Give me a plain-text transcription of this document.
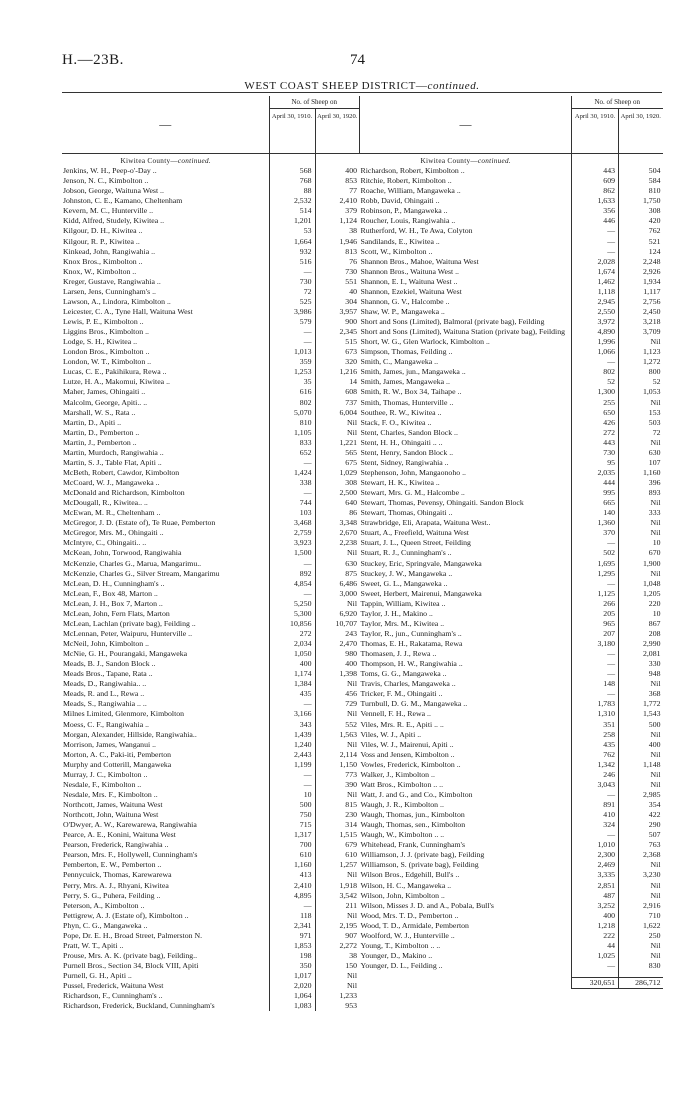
H.—23B.	74
WEST COAST SHEEP DISTRICT—continued.
—	No. of Sheep on	
	April 30, 1910.	April 30, 1920.
Kiwitea County—continued.		
Jenkins, W. H., Peep-o'-Day ..	568	400
Jenson, N. C., Kimbolton ..	768	853
Jobson, George, Waituna West ..	88	77
Johnston, C. E., Kamano, Cheltenham	2,532	2,410
Kevern, M. C., Hunterville ..	514	379
Kidd, Alfred, Studely, Kiwitea ..	1,201	1,124
Kilgour, D. H., Kiwitea ..	53	38
Kilgour, R. P., Kiwitea ..	1,664	1,946
Kinkead, John, Rangiwahia ..	932	813
Knox Bros., Kimbolton ..	516	76
Knox, W., Kimbolton ..	—	730
Kreger, Gustave, Rangiwahia ..	730	551
Larsen, Jens, Cunningham's ..	72	40
Lawson, A., Lindora, Kimbolton ..	525	304
Leicester, C. A., Tyne Hall, Waituna West	3,986	3,957
Lewis, P. E., Kimbolton ..	579	900
Liggins Bros., Kimbolton ..	—	2,345
Lodge, S. H., Kiwitea ..	—	515
London Bros., Kimbolton ..	1,013	673
London, W. T., Kimbolton ..	359	320
Lucas, C. E., Pakihikura, Rewa ..	1,253	1,216
Lutze, H. A., Makomui, Kiwitea ..	35	14
Maher, James, Ohingaiti ..	616	608
Malcolm, George, Apiti.. ..	802	737
Marshall, W. S., Rata ..	5,070	6,004
Martin, D., Apiti ..	810	Nil
Martin, D., Pemberton ..	1,105	Nil
Martin, J., Pemberton ..	833	1,221
Martin, Murdoch, Rangiwahia ..	652	565
Martin, S. J., Table Flat, Apiti ..	—	675
McBeth, Robert, Cawdor, Kimbolton	1,424	1,029
McCoard, W. J., Mangaweka ..	338	308
McDonald and Richardson, Kimbolton	—	2,500
McDougall, R., Kiwitea.. ..	744	640
McEwan, M. R., Cheltenham ..	103	86
McGregor, J. D. (Estate of), Te Ruae, Pemberton	3,468	3,348
McGregor, Mrs. M., Ohingaiti ..	2,759	2,670
McIntyre, C., Ohingaiti.. ..	3,923	2,238
McKean, John, Torwood, Rangiwahia	1,500	Nil
McKenzie, Charles G., Marua, Mangarimu..	—	630
McKenzie, Charles G., Silver Stream, Mangarimu	892	875
McLean, D. H., Cunningham's ..	4,854	6,486
McLean, F., Box 48, Marton ..	—	3,000
McLean, J. H., Box 7, Marton ..	5,250	Nil
McLean, John, Fern Flats, Marton	5,300	6,920
McLean, Lachlan (private bag), Feilding ..	10,856	10,707
McLennan, Peter, Waipuru, Hunterville ..	272	243
McNeil, John, Kimbolton ..	2,034	2,470
McNie, G. H., Pourangaki, Mangaweka	1,050	980
Meads, B. J., Sandon Block ..	400	400
Meads Bros., Tapane, Rata ..	1,174	1,398
Meads, D., Rangiwahia.. ..	1,384	Nil
Meads, R. and L., Rewa ..	435	456
Meads, S., Rangiwahia .. ..	—	729
Milnes Limited, Glenmore, Kimbolton	3,166	Nil
Moess, C. F., Rangiwahia ..	343	552
Morgan, Alexander, Hillside, Rangiwahia..	1,439	1,563
Morrison, James, Wanganui ..	1,240	Nil
Morton, A. C., Paki-iti, Pemberton	2,443	2,114
Murphy and Cotterill, Mangaweka	1,199	1,150
Murray, J. C., Kimbolton ..	—	773
Nesdale, F., Kimbolton ..	—	390
Nesdale, Mrs. F., Kimbolton ..	10	Nil
Northcott, James, Waituna West	500	815
Northcott, John, Waituna West	750	230
O'Dwyer, A. W., Karewarewa, Rangiwahia	715	314
Pearce, A. E., Konini, Waituna West	1,317	1,515
Pearson, Frederick, Rangiwahia ..	700	679
Pearson, Mrs. F., Hollywell, Cunningham's	610	610
Pemberton, E. W., Pemberton ..	1,160	1,257
Pennycuick, Thomas, Karewarewa	413	Nil
Perry, Mrs. A. J., Rhyani, Kiwitea	2,410	1,918
Perry, S. G., Puhera, Feilding ..	4,895	3,542
Peterson, A., Kimbolton ..	—	211
Pettigrew, A. J. (Estate of), Kimbolton ..	118	Nil
Phyn, C. G., Mangaweka ..	2,341	2,195
Pope, Dr. E. H., Broad Street, Palmerston N.	971	907
Pratt, W. T., Apiti ..	1,853	2,272
Prouse, Mrs. A. K. (private bag), Feilding..	198	38
Purnell Bros., Section 34, Block VIII, Apiti	350	150
Purnell, G. H., Apiti ..	1,017	Nil
Pussel, Frederick, Waituna West	2,020	Nil
Richardson, F., Cunningham's ..	1,064	1,233
Richardson, Frederick, Buckland, Cunningham's	1,083	953
—	No. of Sheep on	
	April 30, 1910.	April 30, 1920.
Kiwitea County—continued.		
Richardson, Robert, Kimbolton ..	443	504
Ritchie, Robert, Kimbolton ..	609	584
Roache, William, Mangaweka ..	862	810
Robb, David, Ohingaiti ..	1,633	1,750
Robinson, P., Mangaweka ..	356	308
Roucher, Louis, Rangiwahia ..	446	420
Rutherford, W. H., Te Awa, Colyton	—	762
Sandilands, E., Kiwitea ..	—	521
Scott, W., Kimbolton ..	—	124
Shannon Bros., Mahoe, Waituna West	2,028	2,248
Shannon Bros., Waituna West ..	1,674	2,926
Shannon, E. I., Waituna West ..	1,462	1,934
Shannon, Ezekiel, Waituna West	1,118	1,117
Shannon, G. V., Halcombe ..	2,945	2,756
Shaw, W. P., Mangaweka ..	2,550	2,450
Short and Sons (Limited), Balmoral (private bag), Feilding	3,972	3,218
Short and Sons (Limited), Waituna Station (private bag), Feilding	4,890	3,709
Short, W. G., Glen Warlock, Kimbolton ..	1,996	Nil
Simpson, Thomas, Feilding ..	1,066	1,123
Smith, C., Mangaweka ..	—	1,272
Smith, James, jun., Mangaweka ..	802	800
Smith, James, Mangaweka ..	52	52
Smith, R. W., Box 34, Taihape ..	1,300	1,053
Smith, Thomas, Hunterville ..	255	Nil
Southee, R. W., Kiwitea ..	650	153
Stack, F. O., Kiwitea ..	426	503
Stent, Charles, Sandon Block ..	272	72
Stent, H. H., Ohingaiti .. ..	443	Nil
Stent, Henry, Sandon Block ..	730	630
Stent, Sidney, Rangiwahia ..	95	107
Stephenson, John, Mangaonoho ..	2,035	1,160
Stewart, H. K., Kiwitea ..	444	396
Stewart, Mrs. G. M., Halcombe ..	995	893
Stewart, Thomas, Pevensy, Ohingaiti. Sandon Block	665	Nil
Stewart, Thomas, Ohingaiti ..	140	333
Strawbridge, Eli, Arapata, Waituna West..	1,360	Nil
Stuart, A., Freefield, Waituna West	370	Nil
Stuart, J. L., Queen Street, Feilding	—	10
Stuart, R. J., Cunningham's ..	502	670
Stuckey, Eric, Springvale, Mangaweka	1,695	1,900
Stuckey, J. W., Mangaweka ..	1,295	Nil
Sweet, G. L., Mangaweka ..	—	1,048
Sweet, Herbert, Mairenui, Mangaweka	1,125	1,205
Tappin, William, Kiwitea ..	266	220
Taylor, J. H., Makino ..	205	10
Taylor, Mrs. M., Kiwitea ..	965	867
Taylor, R., jun., Cunningham's ..	207	208
Thomas, E. H., Rakatama, Rewa	3,180	2,990
Thomasen, J. J., Rewa ..	—	2,081
Thompson, H. W., Rangiwahia ..	—	330
Toms, G. G., Mangaweka ..	—	948
Travis, Charles, Mangaweka ..	148	Nil
Tricker, F. M., Ohingaiti ..	—	368
Turnbull, D. G. M., Mangaweka ..	1,783	1,772
Vennell, F. H., Rewa ..	1,310	1,543
Viles, Mrs. R. E., Apiti .. ..	351	500
Viles, W. J., Apiti ..	258	Nil
Viles, W. J., Mairenui, Apiti ..	435	400
Voss and Jensen, Kimbolton ..	762	Nil
Vowles, Frederick, Kimbolton ..	1,342	1,148
Walker, J., Kimbolton ..	246	Nil
Watt Bros., Kimbolton .. ..	3,043	Nil
Watt, J. and G., and Co., Kimbolton	—	2,985
Waugh, J. R., Kimbolton ..	891	354
Waugh, Thomas, jun., Kimbolton	410	422
Waugh, Thomas, sen., Kimbolton	324	290
Waugh, W., Kimbolton .. ..	—	507
Whitehead, Frank, Cunningham's	1,010	763
Williamson, J. J. (private bag), Feilding	2,300	2,368
Williamson, S. (private bag), Feilding	2,469	Nil
Wilson Bros., Edgehill, Bull's ..	3,335	3,230
Wilson, H. C., Mangaweka ..	2,851	Nil
Wilson, John, Kimbolton ..	487	Nil
Wilson, Misses J. D. and A., Pobala, Bull's	3,252	2,916
Wood, Mrs. T. D., Pemberton ..	400	710
Wood, T. D., Armidale, Pemberton	1,218	1,622
Woolford, W. J., Hunterville ..	222	250
Young, T., Kimbolton .. ..	44	Nil
Younger, D., Makino ..	1,025	Nil
Younger, D. L., Feilding ..	—	830

	320,651	286,712
